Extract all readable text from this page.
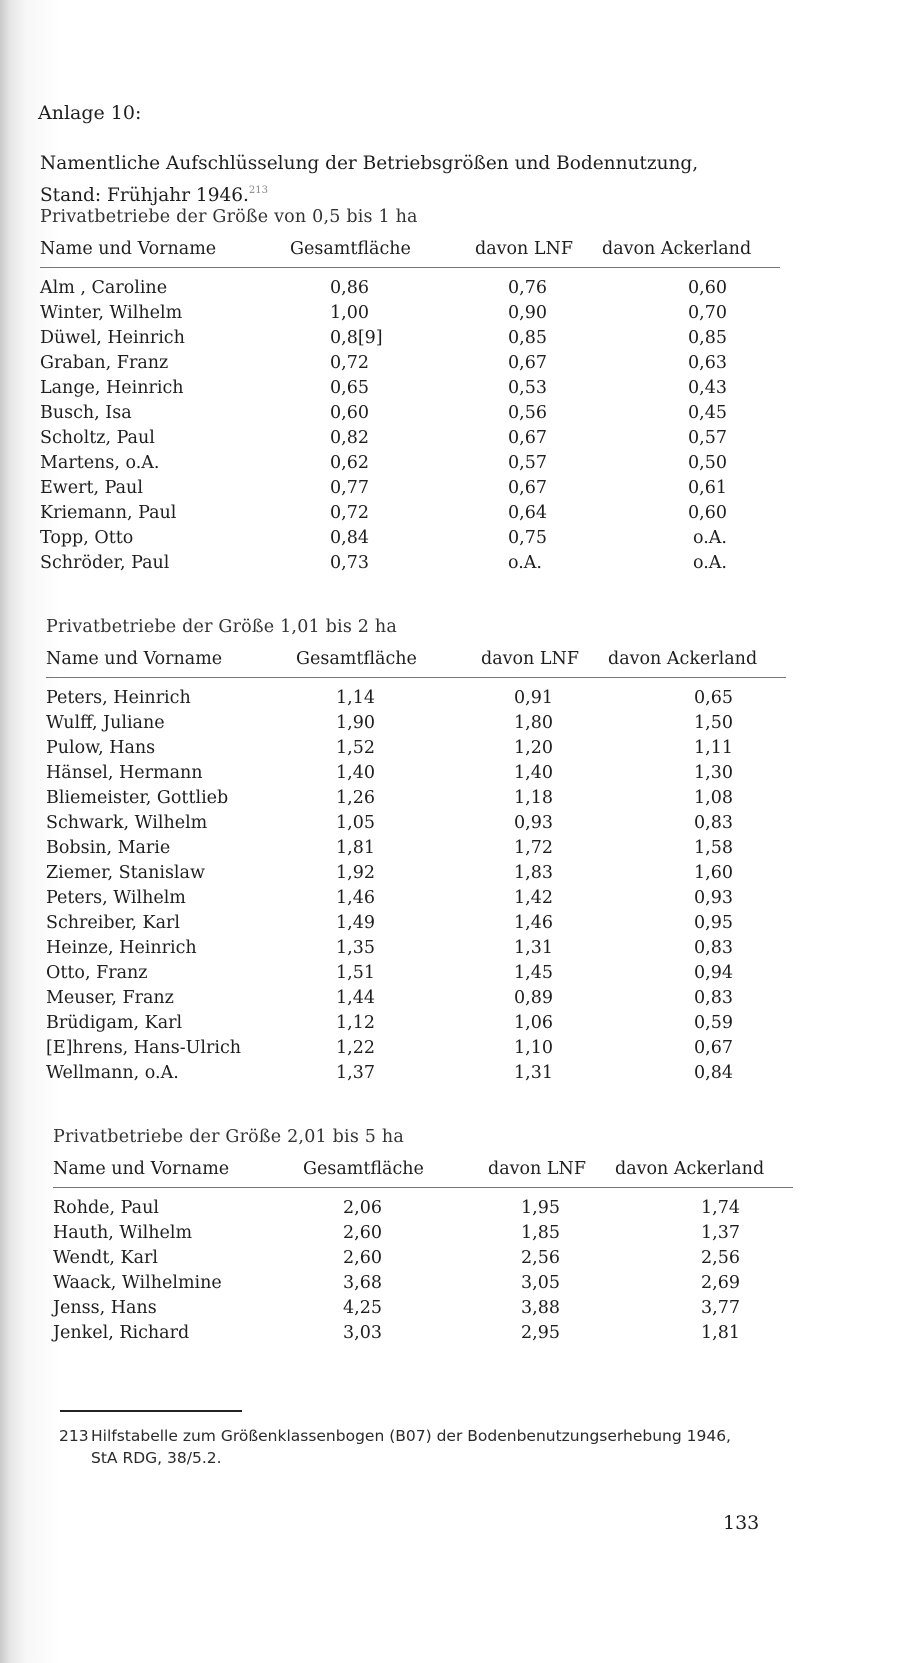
Anlage 10:
Namentliche Aufschlüsselung der Betriebsgrößen und Bodennutzung,
Stand: Frühjahr 1946.$^{213}$
Privatbetriebe der Größe von 0,5 bis 1 ha
Name und Vorname	Gesamtfläche	davon LNF davon Ackerland
Alm , Caroline	0,86	0,76	0,60
Winter, Wilhelm	1,00	0,90	0,70
Düwel, Heinrich	0,8[9]	0,85	0,85
Graban, Franz	0,72	0,67	0,63
Lange, Heinrich	0,65	0,53	0,43
Busch, Isa	0,60	0,56	0,45
Scholtz, Paul	0,82	0,67	0,57
Martens, o.A.	0,62	0,57	0,50
Ewert, Paul	0,77	0,67	0,61
Kriemann, Paul	0,72	0,64	0,60
Topp, Otto	0,84	0,75	o.A.
Schröder, Paul	0,73	o.A.	o.A.
Privatbetriebe der Größe 1,01 bis 2 ha
Name und Vorname	Gesamtfläche	davon LNF davon Ackerland
Peters, Heinrich	1,14	0,91	0,65
Wulff, Juliane	1,90	1,80	1,50
Pulow, Hans	1,52	1,20	1,11
Hänsel, Hermann	1,40	1,40	1,30
Bliemeister, Gottlieb	1,26	1,18	1,08
Schwark, Wilhelm	1,05	0,93	0,83
Bobsin, Marie	1,81	1,72	1,58
Ziemer, Stanislaw	1,92	1,83	1,60
Peters, Wilhelm	1,46	1,42	0,93
Schreiber, Karl	1,49	1,46	0,95
Heinze, Heinrich	1,35	1,31	0,83
Otto, Franz	1,51	1,45	0,94
Meuser, Franz	1,44	0,89	0,83
Brüdigam, Karl	1,12	1,06	0,59
[E]hrens, Hans-Ulrich	1,22	1,10	0,67
Wellmann, o.A.	1,37	1,31	0,84
Privatbetriebe der Größe 2,01 bis 5 ha
Name und Vorname	Gesamtfläche	davon LNF davon Ackerland
Rohde, Paul	2,06	1,95	1,74
Hauth, Wilhelm	2,60	1,85	1,37
Wendt, Karl	2,60	2,56	2,56
Waack, Wilhelmine	3,68	3,05	2,69
Jenss, Hans	4,25	3,88	3,77
Jenkel, Richard	3,03	2,95	1,81
213 Hilfstabelle zum Größenklassenbogen (B07) der Bodenbenutzungserhebung 1946,
StA RDG, 38/5.2.
133
